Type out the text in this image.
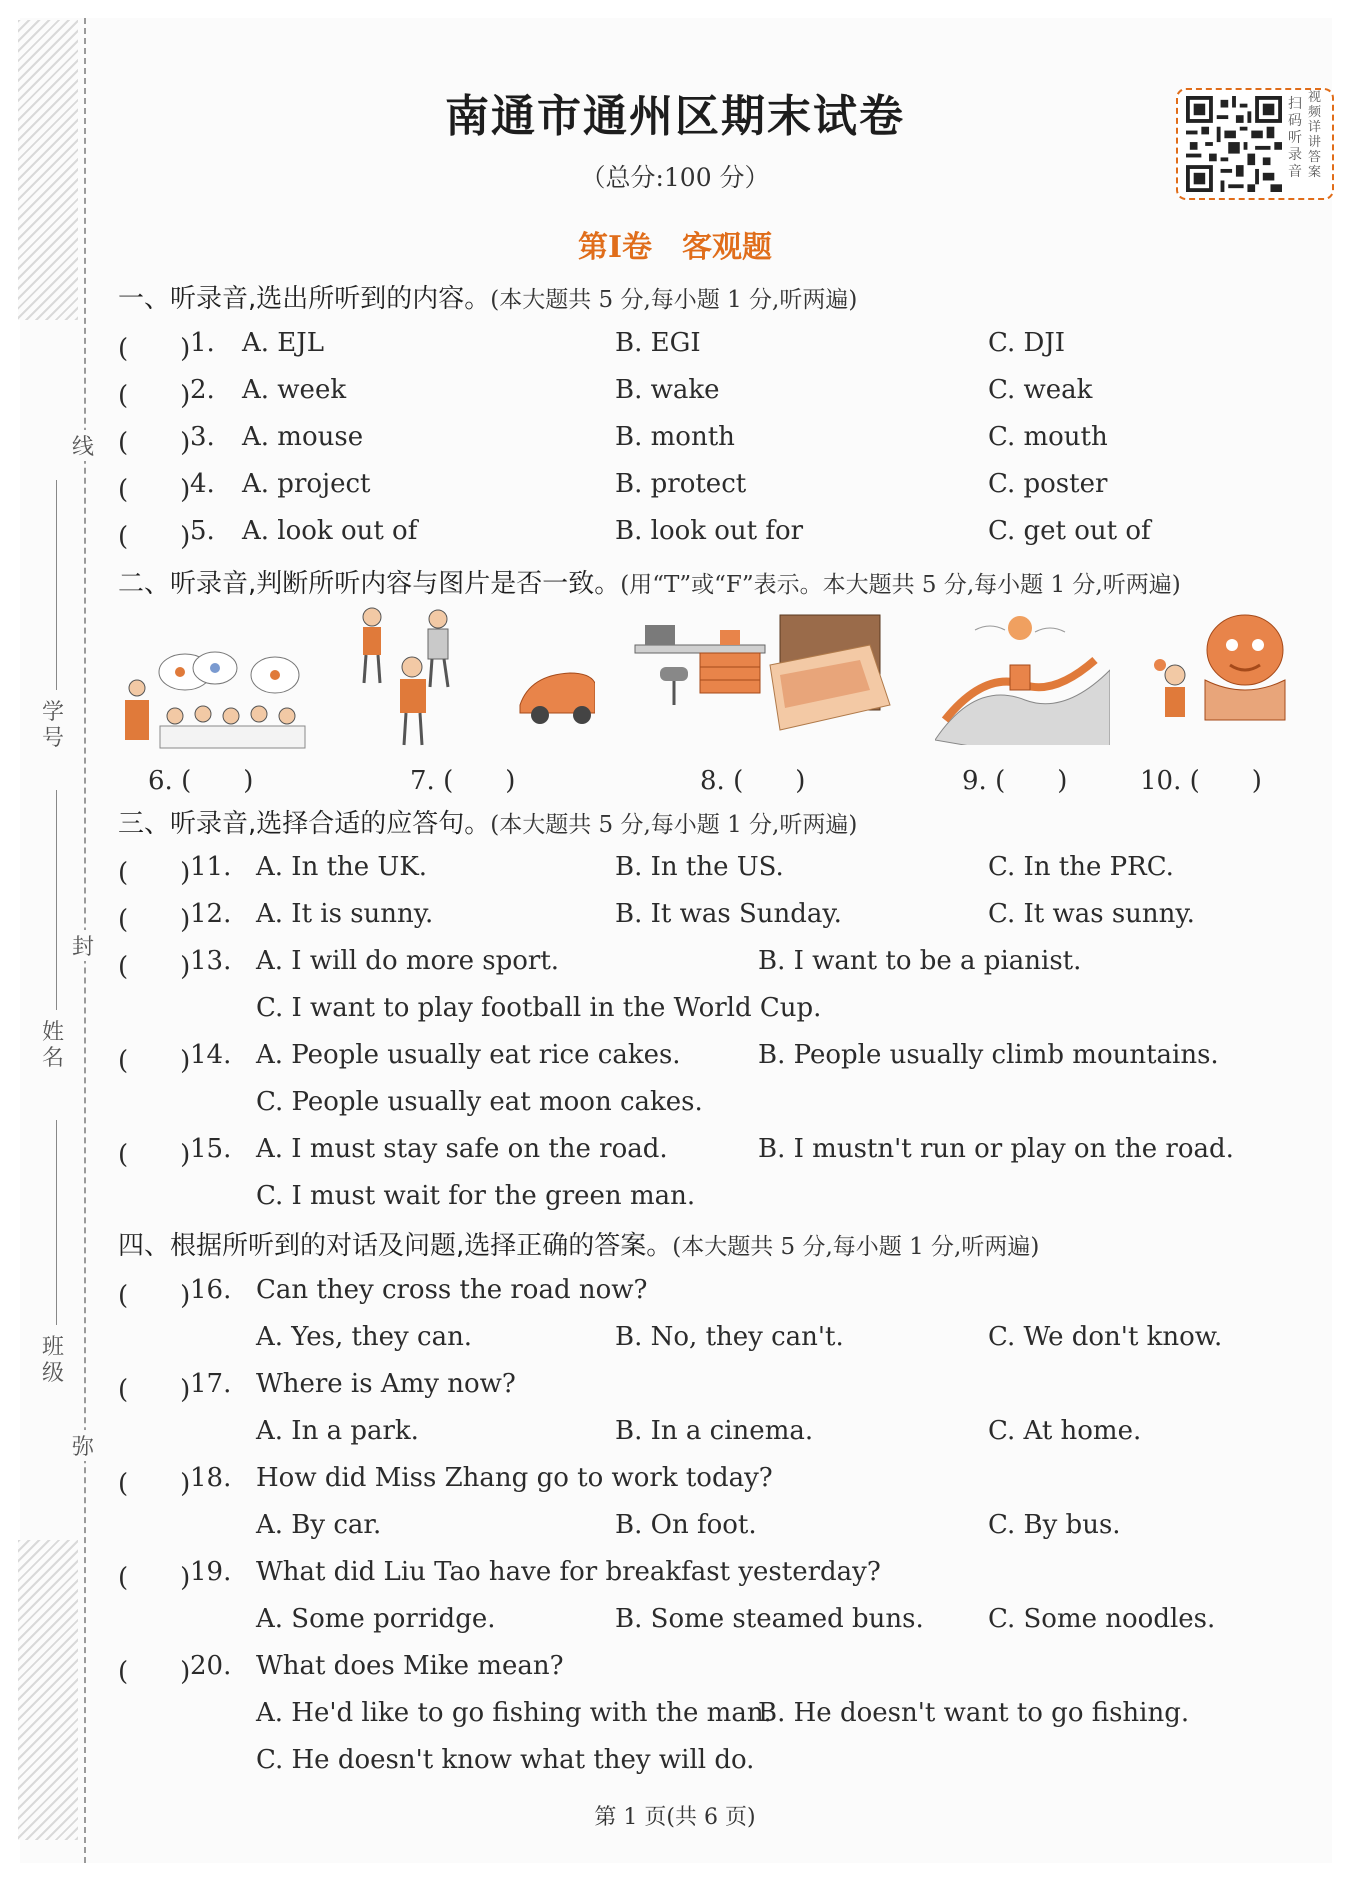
线
封
弥
学号
姓名
班级
南通市通州区期末试卷
（总分:100 分）
第Ⅰ卷　客观题
扫码听录音
视频详讲答案
一、听录音,选出所听到的内容。(本大题共 5 分,每小题 1 分,听两遍)
(　　) 1. A. EJL	B. EGI	C. DJI
(　　) 2. A. week	B. wake	C. weak
(　　) 3. A. mouse	B. month	C. mouth
(　　) 4. A. project	B. protect	C. poster
(　　) 5. A. look out of	B. look out for	C. get out of
二、听录音,判断所听内容与图片是否一致。(用“T”或“F”表示。本大题共 5 分,每小题 1 分,听两遍)
6. (　　)	7. (　　)	8. (　　)	9. (　　)	10. (　　)
三、听录音,选择合适的应答句。(本大题共 5 分,每小题 1 分,听两遍)
(　　) 11. A. In the UK.	B. In the US.	C. In the PRC.
(　　) 12. A. It is sunny.	B. It was Sunday.	C. It was sunny.
(　　) 13. A. I will do more sport.	B. I want to be a pianist.
C. I want to play football in the World Cup.
(　　) 14. A. People usually eat rice cakes.	B. People usually climb mountains.
C. People usually eat moon cakes.
(　　) 15. A. I must stay safe on the road.	B. I mustn't run or play on the road.
C. I must wait for the green man.
四、根据所听到的对话及问题,选择正确的答案。(本大题共 5 分,每小题 1 分,听两遍)
(　　) 16. Can they cross the road now?
A. Yes, they can.	B. No, they can't.	C. We don't know.
(　　) 17. Where is Amy now?
A. In a park.	B. In a cinema.	C. At home.
(　　) 18. How did Miss Zhang go to work today?
A. By car.	B. On foot.	C. By bus.
(　　) 19. What did Liu Tao have for breakfast yesterday?
A. Some porridge.	B. Some steamed buns. C. Some noodles.
(　　) 20. What does Mike mean?
A. He'd like to go fishing with the man.
B. He doesn't want to go fishing.
C. He doesn't know what they will do.
第 1 页(共 6 页)
